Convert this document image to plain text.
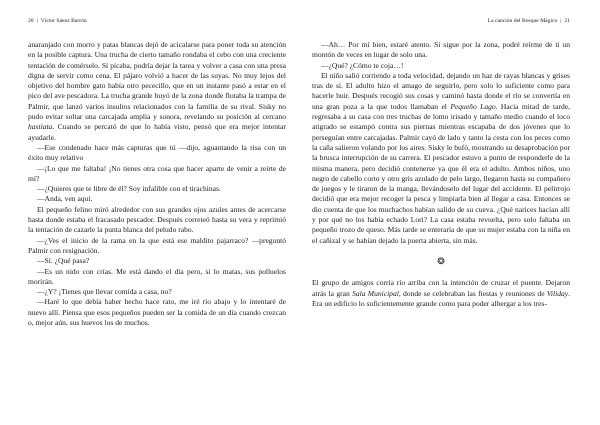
20 | Víctor Sáenz Barrón

anaranjado con morro y patas blancas dejó de acicalarse para poner toda su atención en la posible captura. Una trucha de cierto tamaño rondaba el cebo con una creciente tentación de comérselo. Si picaba, podría dejar la tarea y volver a casa con una presa digna de servir como cena. El pájaro volvió a hacer de las suyas. No muy lejos del objetivo del hombre gato había otro pececillo, que en un instante pasó a estar en el pico del ave pescadora. La trucha grande huyó de la zona donde flotaba la trampa de Palmir, que lanzó varios insultos relacionados con la familia de su rival. Sisky no pudo evitar soltar una carcajada amplia y sonora, revelando su posición al cercano hastiata. Cuando se percató de que lo había visto, pensó que era mejor intentar ayudarle.

—Ese condenado hace más capturas que tú —dijo, aguantando la risa con un éxito muy relativo

—¡Lo que me faltaba! ¡No tienes otra cosa que hacer aparte de venir a reírte de mí?

—¿Quieres que te libre de él? Soy infalible con el tirachinas.

—Anda, ven aquí.

El pequeño felino miró alrededor con sus grandes ojos azules antes de acercarse hasta donde estaba el fracasado pescador. Después correteó hasta su vera y reprimió la tentación de cazarle la punta blanca del peludo rabo.

—¿Ves el inicio de la rama en la que está ese maldito pajarraco? —preguntó Palmir con resignación.

—Sí. ¿Qué pasa?

—Es un nido con crías. Me está dando el día pero, si lo matas, sus polluelos morirán.

—¿Y? ¡Tienes que llevar comida a casa, no?

—Haré lo que debía haber hecho hace rato, me iré río abajo y lo intentaré de nuevo allí. Piensa que esos pequeños pueden ser la comida de un día cuando crezcan o, mejor aún, sus huevos los de muchos.

La canción del Bosque Mágico | 21

—Ah… Por mí bien, estaré atento. Si sigue por la zona, podré reírme de ti un montón de veces en lugar de solo una.

—¿Qué? ¿Cómo te coja…!

El niño salió corriendo a toda velocidad, dejando un haz de rayas blancas y grises tras de sí. El adulto hizo el amago de seguirlo, pero solo lo suficiente como para hacerle huir. Después recogió sus cosas y caminó hasta donde el río se convertía en una gran poza a la que todos llamaban el Pequeño Lago. Hacia mitad de tarde, regresaba a su casa con tres truchas de lomo irisado y tamaño medio cuando el loco atigrado se estampó contra sus piernas mientras escapaba de dos jóvenes que lo perseguían entre carcajadas. Palmir cayó de lado y tanto la cesta con los peces como la caña salieron volando por los aires. Sisky le bufó, mostrando su desaprobación por la brusca interrupción de su carrera. El pescador estuvo a punto de responderle de la misma manera, pero decidió contenerse ya que él era el adulto. Ambos niños, uno negro de cabello corto y otro gris azulado de pelo largo, llegaron hasta su compañero de juegos y le tiraron de la manga, llevándoselo del lugar del accidente. El pelirrojo decidió que era mejor recoger la pesca y limpiarla bien al llegar a casa. Entonces se dio cuenta de que los muchachos habían salido de su cueva. ¿Qué narices hacían allí y por qué no los había echado Lori? La casa estaba revuelta, pero solo faltaba un pequeño trozo de queso. Más tarde se enteraría de que su mujer estaba con la niña en el cañizal y se habían dejado la puerta abierta, sin más.

❂

El grupo de amigos corría río arriba con la intención de cruzar el puente. Dejaron atrás la gran Sala Municipal, donde se celebraban las fiestas y reuniones de Viliday. Era un edificio lo suficientemente grande como para poder albergar a los tres-
